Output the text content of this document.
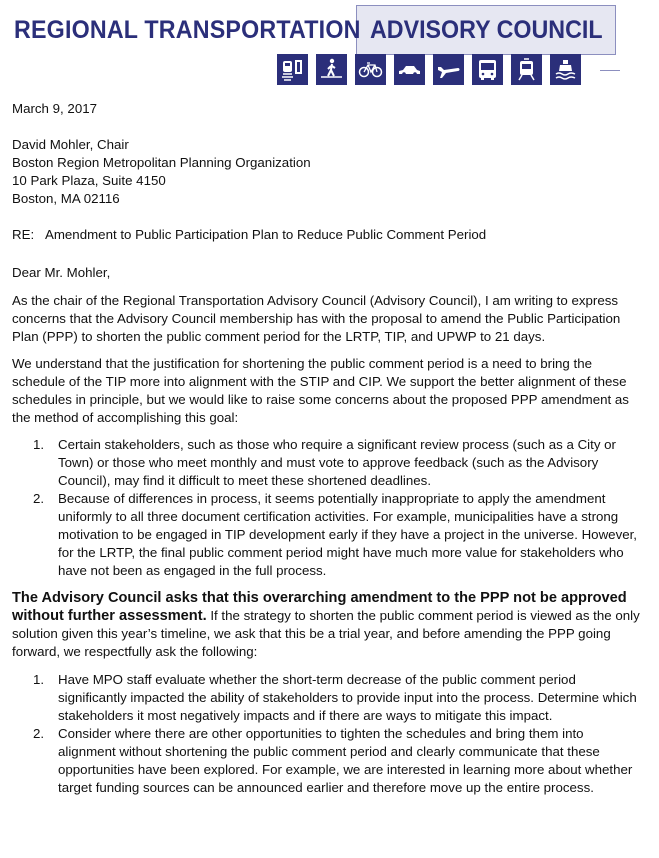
REGIONAL TRANSPORTATION ADVISORY COUNCIL

March 9, 2017

David Mohler, Chair

Boston Region Metropolitan Planning Organization

10 Park Plaza, Suite 4150

Boston, MA 02116

RE: Amendment to Public Participation Plan to Reduce Public Comment Period

Dear Mr. Mohler,

As the chair of the Regional Transportation Advisory Council (Advisory Council), I am writing to express concerns that the Advisory Council membership has with the proposal to amend the Public Participation Plan (PPP) to shorten the public comment period for the LRTP, TIP, and UPWP to 21 days.

We understand that the justification for shortening the public comment period is a need to bring the schedule of the TIP more into alignment with the STIP and CIP. We support the better alignment of these schedules in principle, but we would like to raise some concerns about the proposed PPP amendment as the method of accomplishing this goal:

1. Certain stakeholders, such as those who require a significant review process (such as a City or Town) or those who meet monthly and must vote to approve feedback (such as the Advisory Council), may find it difficult to meet these shortened deadlines.
2. Because of differences in process, it seems potentially inappropriate to apply the amendment uniformly to all three document certification activities. For example, municipalities have a strong motivation to be engaged in TIP development early if they have a project in the universe. However, for the LRTP, the final public comment period might have much more value for stakeholders who have not been as engaged in the full process.

The Advisory Council asks that this overarching amendment to the PPP not be approved without further assessment. If the strategy to shorten the public comment period is viewed as the only solution given this year’s timeline, we ask that this be a trial year, and before amending the PPP going forward, we respectfully ask the following:

1. Have MPO staff evaluate whether the short-term decrease of the public comment period significantly impacted the ability of stakeholders to provide input into the process. Determine which stakeholders it most negatively impacts and if there are ways to mitigate this impact.
2. Consider where there are other opportunities to tighten the schedules and bring them into alignment without shortening the public comment period and clearly communicate that these opportunities have been explored. For example, we are interested in learning more about whether target funding sources can be announced earlier and therefore move up the entire process.
